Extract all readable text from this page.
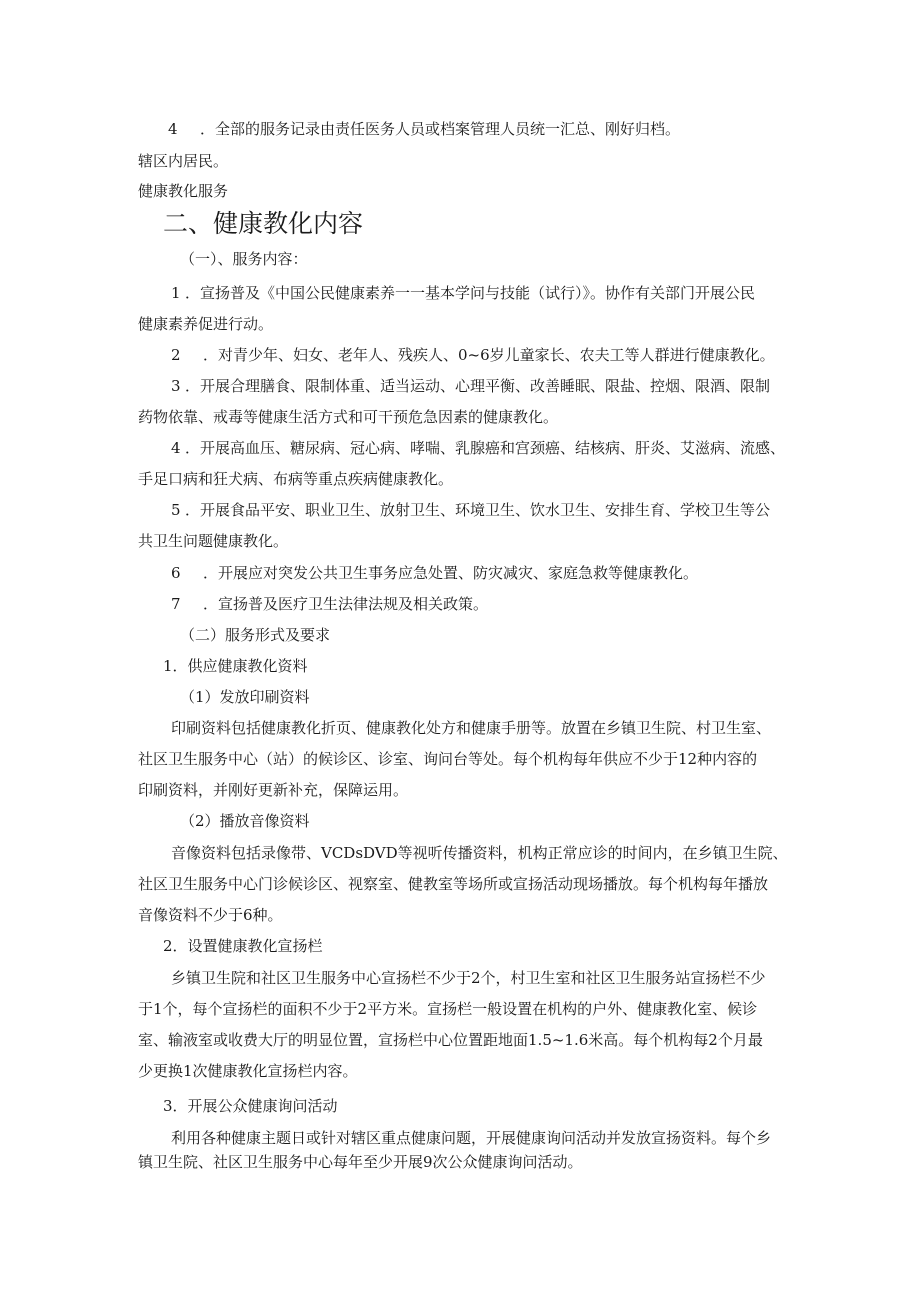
4 ．全部的服务记录由责任医务人员或档案管理人员统一汇总、刚好归档。
辖区内居民。
健康教化服务
二、健康教化内容
（一）、服务内容：
1 ．宣扬普及《中国公民健康素养一一基本学问与技能（试行）》。协作有关部门开展公民
健康素养促进行动。
2 ．对青少年、妇女、老年人、残疾人、0~6岁儿童家长、农夫工等人群进行健康教化。
3 ．开展合理膳食、限制体重、适当运动、心理平衡、改善睡眠、限盐、控烟、限酒、限制
药物依靠、戒毒等健康生活方式和可干预危急因素的健康教化。
4 ．开展高血压、糖尿病、冠心病、哮喘、乳腺癌和宫颈癌、结核病、肝炎、艾滋病、流感、
手足口病和狂犬病、布病等重点疾病健康教化。
5 ．开展食品平安、职业卫生、放射卫生、环境卫生、饮水卫生、安排生育、学校卫生等公
共卫生问题健康教化。
6 ．开展应对突发公共卫生事务应急处置、防灾减灾、家庭急救等健康教化。
7 ．宣扬普及医疗卫生法律法规及相关政策。
（二）服务形式及要求
1．供应健康教化资料
（1）发放印刷资料
印刷资料包括健康教化折页、健康教化处方和健康手册等。放置在乡镇卫生院、村卫生室、
社区卫生服务中心（站）的候诊区、诊室、询问台等处。每个机构每年供应不少于12种内容的
印刷资料，并刚好更新补充，保障运用。
（2）播放音像资料
音像资料包括录像带、VCDsDVD等视听传播资料，机构正常应诊的时间内，在乡镇卫生院、
社区卫生服务中心门诊候诊区、视察室、健教室等场所或宣扬活动现场播放。每个机构每年播放
音像资料不少于6种。
2．设置健康教化宣扬栏
乡镇卫生院和社区卫生服务中心宣扬栏不少于2个，村卫生室和社区卫生服务站宣扬栏不少
于1个，每个宣扬栏的面积不少于2平方米。宣扬栏一般设置在机构的户外、健康教化室、候诊
室、输液室或收费大厅的明显位置，宣扬栏中心位置距地面1.5~1.6米高。每个机构每2个月最
少更换1次健康教化宣扬栏内容。
3．开展公众健康询问活动
利用各种健康主题日或针对辖区重点健康问题，开展健康询问活动并发放宣扬资料。每个乡
镇卫生院、社区卫生服务中心每年至少开展9次公众健康询问活动。
